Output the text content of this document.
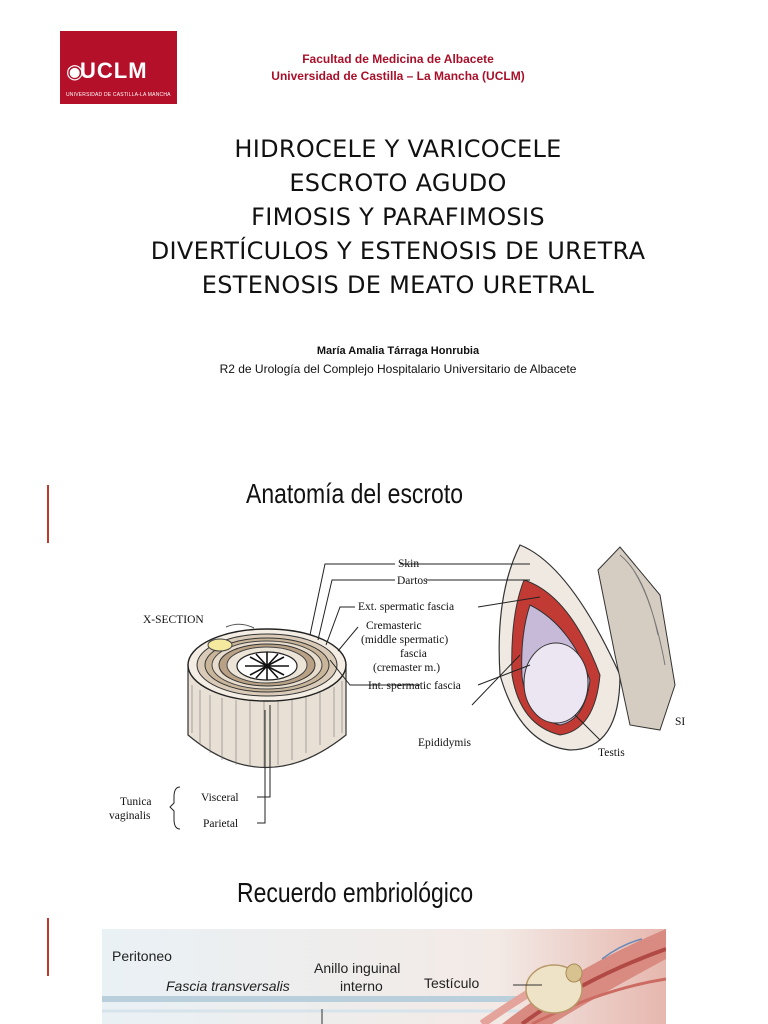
◉
UCLM
UNIVERSIDAD DE CASTILLA-LA MANCHA
Facultad de Medicina de Albacete
Universidad de Castilla – La Mancha (UCLM)
HIDROCELE Y VARICOCELE
ESCROTO AGUDO
FIMOSIS Y PARAFIMOSIS
DIVERTÍCULOS Y ESTENOSIS DE URETRA
ESTENOSIS DE MEATO URETRAL
María Amalia Tárraga Honrubia
R2 de Urología del Complejo Hospitalario Universitario de Albacete
Anatomía del escroto
X-SECTION
Skin
Dartos
Ext. spermatic fascia
Cremasteric
(middle spermatic)
fascia
(cremaster m.)
Int. spermatic fascia
Epididymis
Testis
Tunica
vaginalis
Visceral
Parietal
SI
Recuerdo embriológico
Peritoneo
Fascia transversalis
Anillo inguinal
interno	Testículo
